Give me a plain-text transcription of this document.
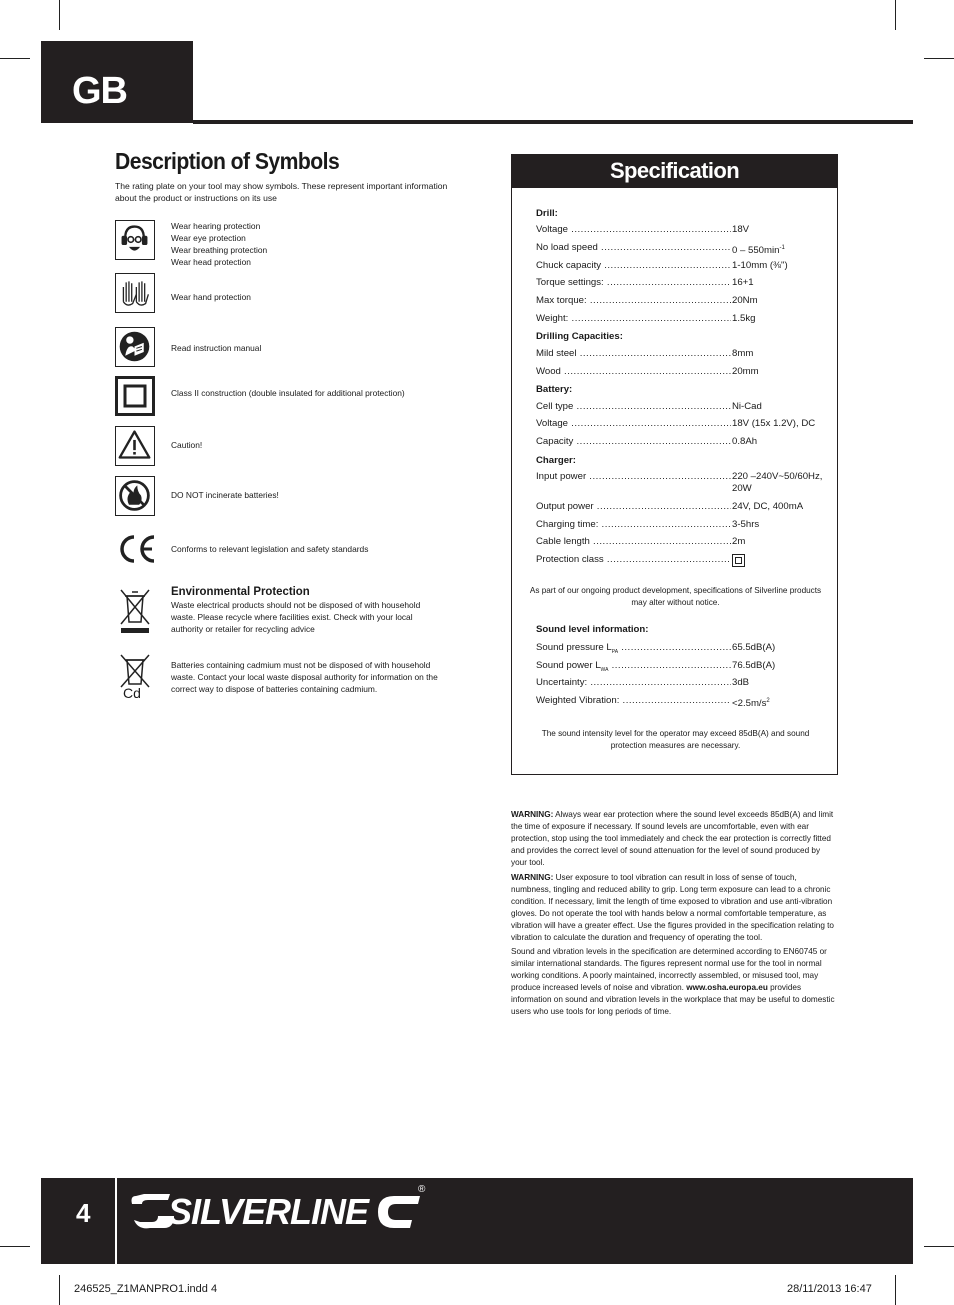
GB
Description of Symbols
The rating plate on your tool may show symbols. These represent important information about the product or instructions on its use
Wear hearing protection
Wear eye protection
Wear breathing protection
Wear head protection
Wear hand protection
Read instruction manual
Class II construction (double insulated for additional protection)
Caution!
DO NOT incinerate batteries!
Conforms to relevant legislation and safety standards
Environmental Protection
Waste electrical products should not be disposed of with household waste. Please recycle where facilities exist. Check with your local authority or retailer for recycling advice
Cd
Batteries containing cadmium must not be disposed of with household waste. Contact your local waste disposal authority for information on the correct way to dispose of batteries containing cadmium.
Specification
Drill:
Voltage .....	18V
No load speed .....	$0 - 550\min^{-1}$
Chuck capacity .....	1-10mm (⅜")
Torque settings: .....	16+1
Max torque: .....	20Nm
Weight: .....	1.5kg
Drilling Capacities:
Mild steel .....	8mm
Wood .....	20mm
Battery:
Cell type .....	Ni-Cad
Voltage .....	18V (15x 1.2V), DC
Capacity .....	0.8Ah
Charger:
Input power .....	220 –240V~50/60Hz,
20W
Output power .....	24V, DC, 400mA
Charging time: .....	3-5hrs
Cable length .....	2m
Protection class .....
As part of our ongoing product development, specifications of Silverline products may alter without notice.
Sound level information:
Sound pressure $L_{PA}$ .....	65.5dB(A)
Sound power $L_{WA}$ .....	76.5dB(A)
Uncertainty: .....	3dB
Weighted Vibration: .....	$<2.5m/s^2$
The sound intensity level for the operator may exceed 85dB(A) and sound protection measures are necessary.
WARNING: Always wear ear protection where the sound level exceeds 85dB(A) and limit the time of exposure if necessary. If sound levels are uncomfortable, even with ear protection, stop using the tool immediately and check the ear protection is correctly fitted and provides the correct level of sound attenuation for the level of sound produced by your tool.
WARNING: User exposure to tool vibration can result in loss of sense of touch, numbness, tingling and reduced ability to grip. Long term exposure can lead to a chronic condition. If necessary, limit the length of time exposed to vibration and use anti-vibration gloves. Do not operate the tool with hands below a normal comfortable temperature, as vibration will have a greater effect. Use the figures provided in the specification relating to vibration to calculate the duration and frequency of operating the tool.
Sound and vibration levels in the specification are determined according to EN60745 or similar international standards. The figures represent normal use for the tool in normal working conditions. A poorly maintained, incorrectly assembled, or misused tool, may produce increased levels of noise and vibration. www.osha.europa.eu provides information on sound and vibration levels in the workplace that may be useful to domestic users who use tools for long periods of time.
4 SILVERLINE
®
246525_Z1MANPRO1.indd 4	28/11/2013 16:47
